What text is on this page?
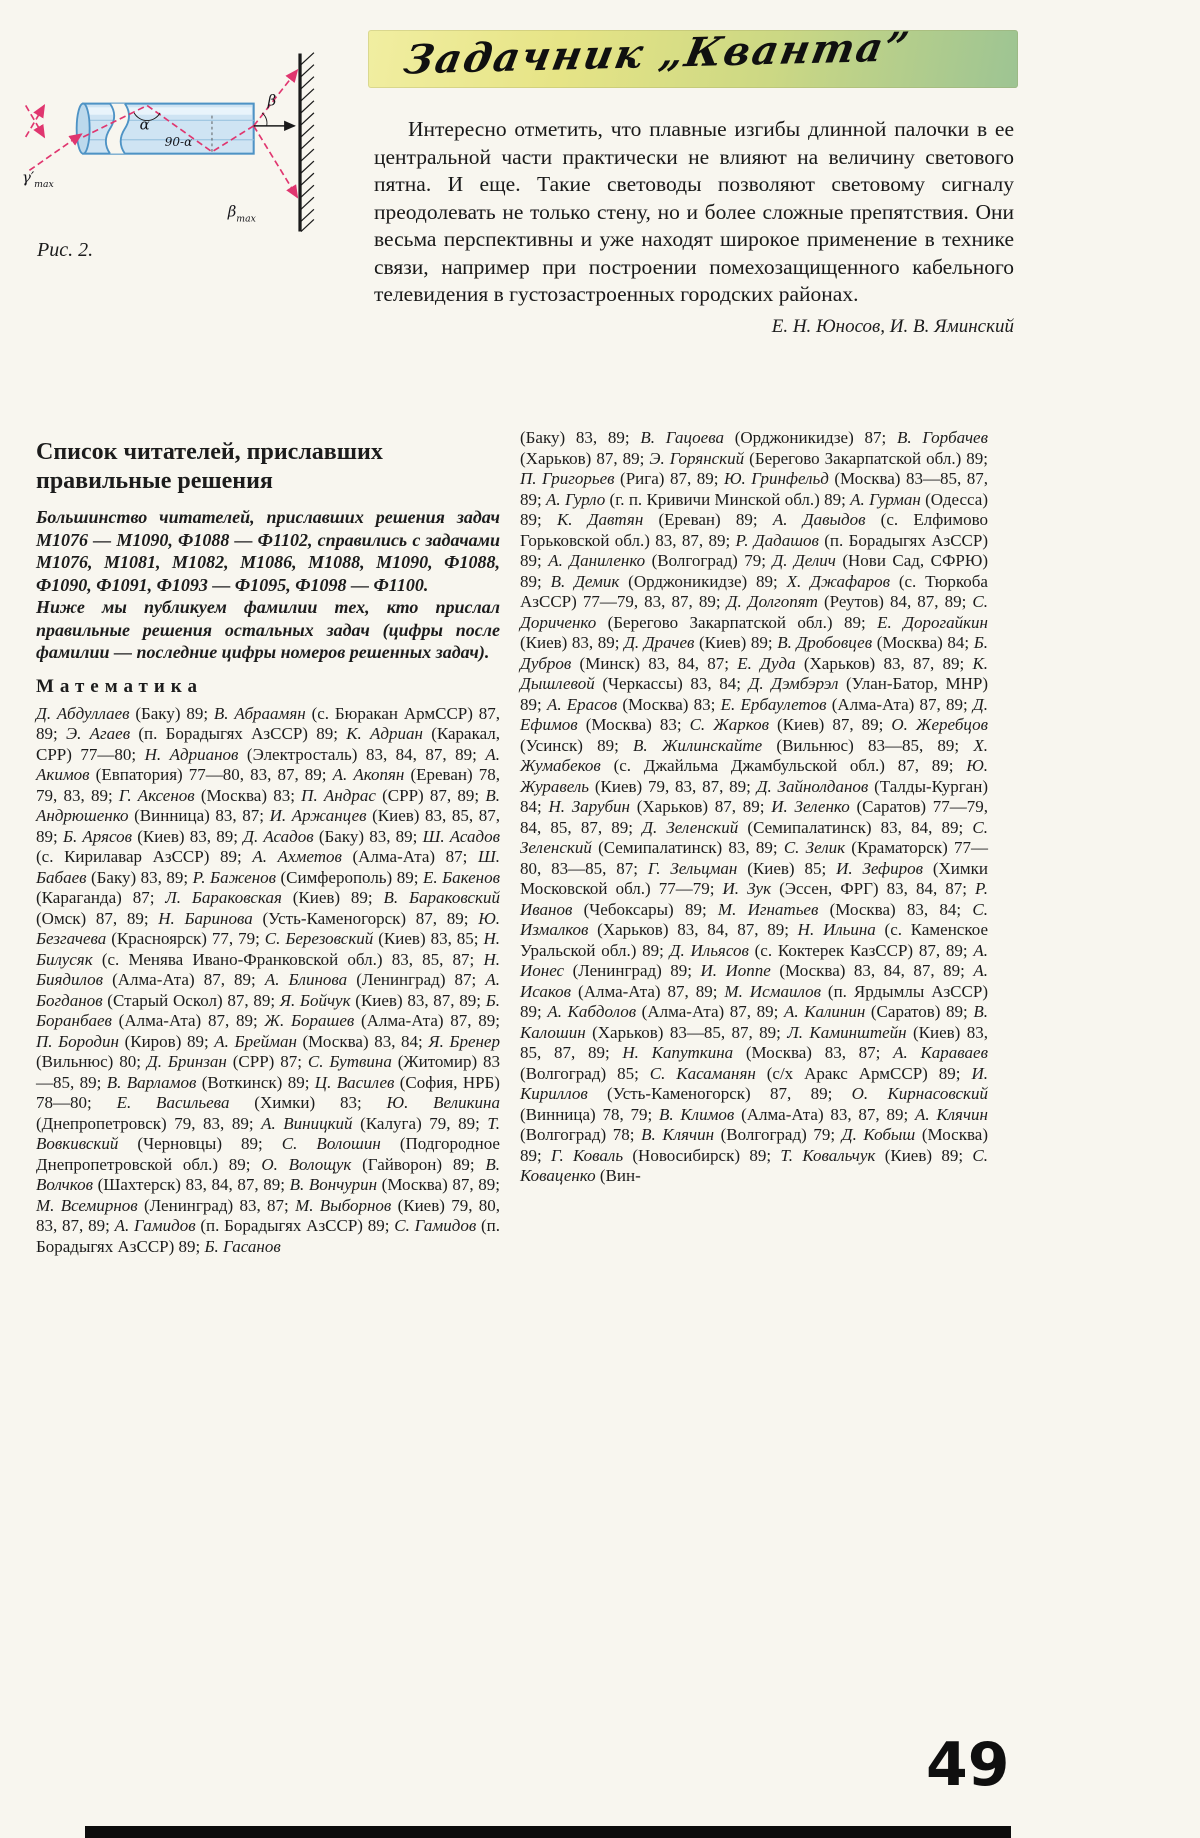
α
90-α
β
$\beta_{max}$
$\gamma'_{max}$
Рис. 2.
Задачник „Кванта”

Интересно отметить, что плавные изгибы длинной палочки в ее центральной части практически не влияют на величину светового пятна. И еще. Такие световоды позволяют световому сигналу преодолевать не только стену, но и более сложные препятствия. Они весьма перспективны и уже находят широкое применение в технике связи, например при построении помехозащищенного кабельного телевидения в густозастроенных городских районах.

Е. Н. Юносов, И. В. Яминский
Список читателей, приславших правильные решения

Большинство читателей, приславших решения задач М1076 — М1090, Ф1088 — Ф1102, справились с задачами М1076, М1081, М1082, М1086, М1088, М1090, Ф1088, Ф1090, Ф1091, Ф1093 — Ф1095, Ф1098 — Ф1100.

Ниже мы публикуем фамилии тех, кто прислал правильные решения остальных задач (цифры после фамилии — последние цифры номеров решенных задач).

Математика
Д. Абдуллаев (Баку) 89; В. Абраамян (с. Бюракан АрмССР) 87, 89; Э. Агаев (п. Борадыгях АзССР) 89; К. Адриан (Каракал, СРР) 77—80; Н. Адрианов (Электросталь) 83, 84, 87, 89; А. Акимов (Евпатория) 77—80, 83, 87, 89; А. Акопян (Ереван) 78, 79, 83, 89; Г. Аксенов (Москва) 83; П. Андрас (СРР) 87, 89; В. Андрюшенко (Винница) 83, 87; И. Аржанцев (Киев) 83, 85, 87, 89; Б. Арясов (Киев) 83, 89; Д. Асадов (Баку) 83, 89; Ш. Асадов (с. Кирилавар АзССР) 89; А. Ахметов (Алма-Ата) 87; Ш. Бабаев (Баку) 83, 89; Р. Баженов (Симферополь) 89; Е. Бакенов (Караганда) 87; Л. Бараковская (Киев) 89; В. Бараковский (Омск) 87, 89; Н. Баринова (Усть-Каменогорск) 87, 89; Ю. Безгачева (Красноярск) 77, 79; С. Березовский (Киев) 83, 85; Н. Билусяк (с. Менява Ивано-Франковской обл.) 83, 85, 87; Н. Биядилов (Алма-Ата) 87, 89; А. Блинова (Ленинград) 87; А. Богданов (Старый Оскол) 87, 89; Я. Бойчук (Киев) 83, 87, 89; Б. Боранбаев (Алма-Ата) 87, 89; Ж. Борашев (Алма-Ата) 87, 89; П. Бородин (Киров) 89; А. Брейман (Москва) 83, 84; Я. Бренер (Вильнюс) 80; Д. Бринзан (СРР) 87; С. Бутвина (Житомир) 83—85, 89; В. Варламов (Воткинск) 89; Ц. Василев (София, НРБ) 78—80; Е. Васильева (Химки) 83; Ю. Великина (Днепропетровск) 79, 83, 89; А. Виницкий (Калуга) 79, 89; Т. Вовкивский (Черновцы) 89; С. Волошин (Подгородное Днепропетровской обл.) 89; О. Волощук (Гайворон) 89; В. Волчков (Шахтерск) 83, 84, 87, 89; В. Вончурин (Москва) 87, 89; М. Всемирнов (Ленинград) 83, 87; М. Выборнов (Киев) 79, 80, 83, 87, 89; А. Гамидов (п. Борадыгях АзССР) 89; С. Гамидов (п. Борадыгях АзССР) 89; Б. Гасанов
(Баку) 83, 89; В. Гацоева (Орджоникидзе) 87; В. Горбачев (Харьков) 87, 89; Э. Горянский (Берегово Закарпатской обл.) 89; П. Григорьев (Рига) 87, 89; Ю. Гринфельд (Москва) 83—85, 87, 89; А. Гурло (г. п. Кривичи Минской обл.) 89; А. Гурман (Одесса) 89; К. Давтян (Ереван) 89; А. Давыдов (с. Елфимово Горьковской обл.) 83, 87, 89; Р. Дадашов (п. Борадыгях АзССР) 89; А. Даниленко (Волгоград) 79; Д. Делич (Нови Сад, СФРЮ) 89; В. Демик (Орджоникидзе) 89; Х. Джафаров (с. Тюркоба АзССР) 77—79, 83, 87, 89; Д. Долгопят (Реутов) 84, 87, 89; С. Дориченко (Берегово Закарпатской обл.) 89; Е. Дорогайкин (Киев) 83, 89; Д. Драчев (Киев) 89; В. Дробовцев (Москва) 84; Б. Дубров (Минск) 83, 84, 87; Е. Дуда (Харьков) 83, 87, 89; К. Дышлевой (Черкассы) 83, 84; Д. Дэмбэрэл (Улан-Батор, МНР) 89; А. Ерасов (Москва) 83; Е. Ербаулетов (Алма-Ата) 87, 89; Д. Ефимов (Москва) 83; С. Жарков (Киев) 87, 89; О. Жеребцов (Усинск) 89; В. Жилинскайте (Вильнюс) 83—85, 89; Х. Жумабеков (с. Джайльма Джамбульской обл.) 87, 89; Ю. Журавель (Киев) 79, 83, 87, 89; Д. Зайнолданов (Талды-Курган) 84; Н. Зарубин (Харьков) 87, 89; И. Зеленко (Саратов) 77—79, 84, 85, 87, 89; Д. Зеленский (Семипалатинск) 83, 84, 89; С. Зеленский (Семипалатинск) 83, 89; С. Зелик (Краматорск) 77—80, 83—85, 87; Г. Зельцман (Киев) 85; И. Зефиров (Химки Московской обл.) 77—79; И. Зук (Эссен, ФРГ) 83, 84, 87; Р. Иванов (Чебоксары) 89; М. Игнатьев (Москва) 83, 84; С. Измалков (Харьков) 83, 84, 87, 89; Н. Ильина (с. Каменское Уральской обл.) 89; Д. Ильясов (с. Коктерек КазССР) 87, 89; А. Ионес (Ленинград) 89; И. Иоппе (Москва) 83, 84, 87, 89; А. Исаков (Алма-Ата) 87, 89; М. Исмаилов (п. Ярдымлы АзССР) 89; А. Кабдолов (Алма-Ата) 87, 89; А. Калинин (Саратов) 89; В. Калошин (Харьков) 83—85, 87, 89; Л. Каминштейн (Киев) 83, 85, 87, 89; Н. Капуткина (Москва) 83, 87; А. Караваев (Волгоград) 85; С. Касаманян (с/х Аракс АрмССР) 89; И. Кириллов (Усть-Каменогорск) 87, 89; О. Кирнасовский (Винница) 78, 79; В. Климов (Алма-Ата) 83, 87, 89; А. Клячин (Волгоград) 78; В. Клячин (Волгоград) 79; Д. Кобыш (Москва) 89; Г. Коваль (Новосибирск) 89; Т. Ковальчук (Киев) 89; С. Коваценко (Вин-
49
